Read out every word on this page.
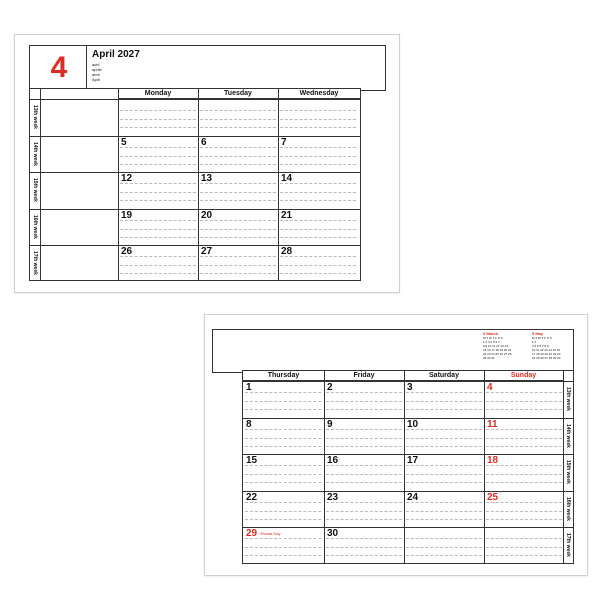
4	April 2027
avril
aprile
abril
April
Monday	Tuesday	Wednesday
13th week
14th week	5	6	7
15th week	12	13	14
16th week	19	20	21
17th week	26	27	28
3 March
M T W T F S S
1 2 3 4 5 6 7
8 9 10 11 12 13 14
15 16 17 18 19 20 21
22 23 24 25 26 27 28
29 30 31
5 May
M T W T F S S
1 2
3 4 5 6 7 8 9
10 11 12 13 14 15 16
17 18 19 20 21 22 23
24 25 26 27 28 29 30
Thursday	Friday	Saturday	Sunday
13th week
1	2	3	4
14th week
8	9	10	11
15th week
15	16	17	18
16th week
22	23	24	25
17th week
29 Showa Day	30
